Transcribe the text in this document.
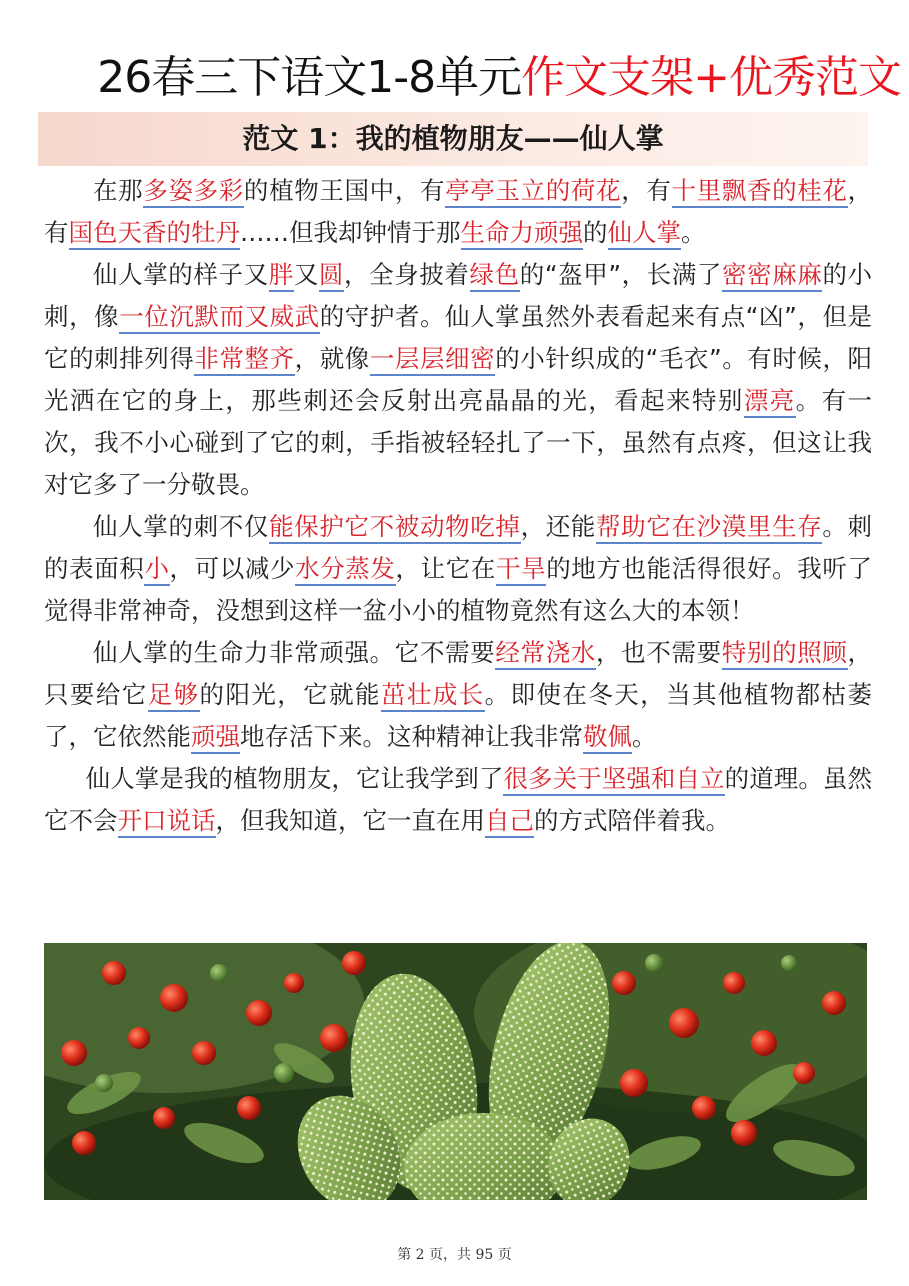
26春三下语文1-8单元作文支架+优秀范文
范文 1：我的植物朋友——仙人掌

在那多姿多彩的植物王国中，有亭亭玉立的荷花，有十里飘香的桂花，有国色天香的牡丹……但我却钟情于那生命力顽强的仙人掌。

仙人掌的样子又胖又圆，全身披着绿色的“盔甲”，长满了密密麻麻的小刺，像一位沉默而又威武的守护者。仙人掌虽然外表看起来有点“凶”，但是它的刺排列得非常整齐，就像一层层细密的小针织成的“毛衣”。有时候，阳光洒在它的身上，那些刺还会反射出亮晶晶的光，看起来特别漂亮。有一次，我不小心碰到了它的刺，手指被轻轻扎了一下，虽然有点疼，但这让我对它多了一分敬畏。

仙人掌的刺不仅能保护它不被动物吃掉，还能帮助它在沙漠里生存。刺的表面积小，可以减少水分蒸发，让它在干旱的地方也能活得很好。我听了觉得非常神奇，没想到这样一盆小小的植物竟然有这么大的本领！

仙人掌的生命力非常顽强。它不需要经常浇水，也不需要特别的照顾，只要给它足够的阳光，它就能茁壮成长。即使在冬天，当其他植物都枯萎了，它依然能顽强地存活下来。这种精神让我非常敬佩。

仙人掌是我的植物朋友，它让我学到了很多关于坚强和自立的道理。虽然它不会开口说话，但我知道，它一直在用自己的方式陪伴着我。

第 2 页，共 95 页
